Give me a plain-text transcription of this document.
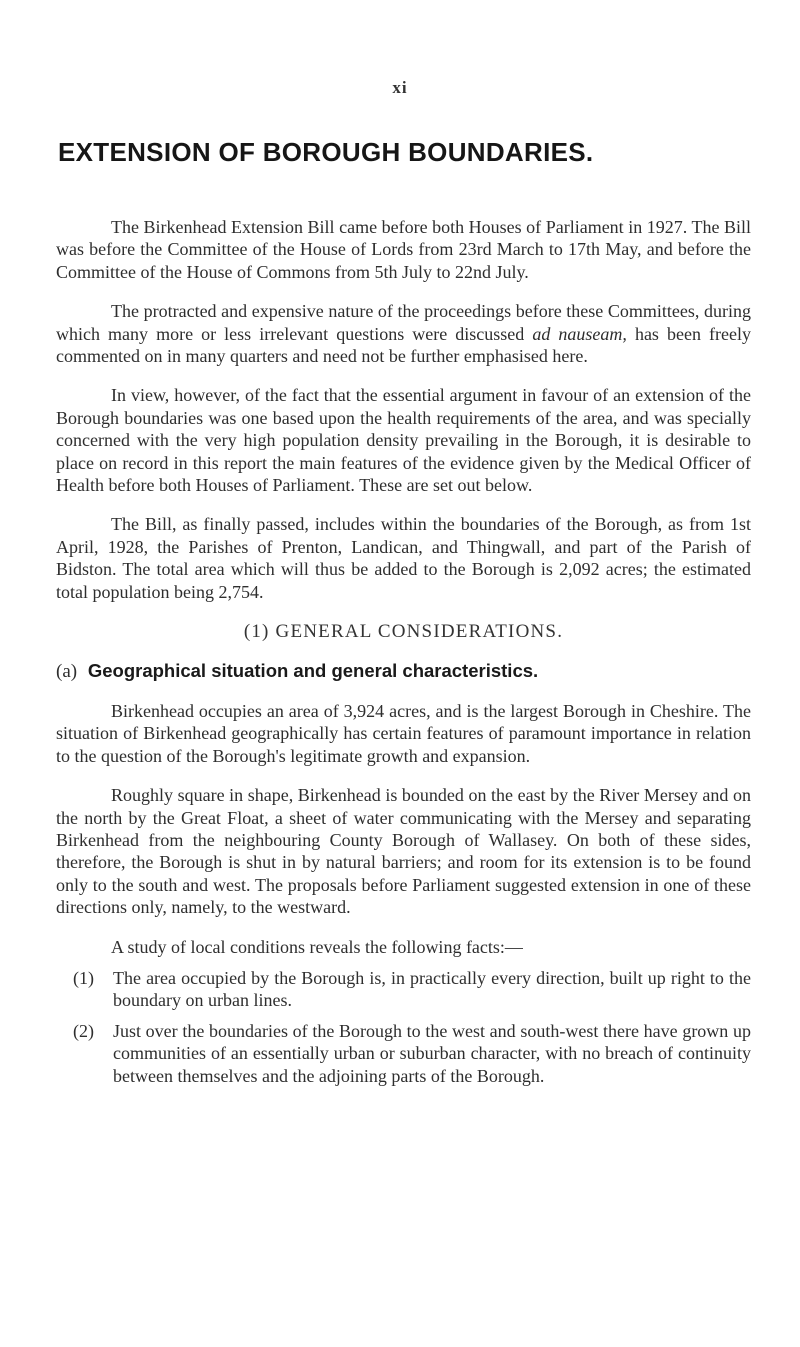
xi
EXTENSION OF BOROUGH BOUNDARIES.

The Birkenhead Extension Bill came before both Houses of Parliament in 1927. The Bill was before the Committee of the House of Lords from 23rd March to 17th May, and before the Committee of the House of Commons from 5th July to 22nd July.

The protracted and expensive nature of the proceedings before these Committees, during which many more or less irrelevant questions were discussed ad nauseam, has been freely commented on in many quarters and need not be further emphasised here.

In view, however, of the fact that the essential argument in favour of an extension of the Borough boundaries was one based upon the health requirements of the area, and was specially concerned with the very high population density prevailing in the Borough, it is desirable to place on record in this report the main features of the evidence given by the Medical Officer of Health before both Houses of Parliament. These are set out below.

The Bill, as finally passed, includes within the boundaries of the Borough, as from 1st April, 1928, the Parishes of Prenton, Landican, and Thingwall, and part of the Parish of Bidston. The total area which will thus be added to the Borough is 2,092 acres; the estimated total population being 2,754.

(1) GENERAL CONSIDERATIONS.
(a) Geographical situation and general characteristics.

Birkenhead occupies an area of 3,924 acres, and is the largest Borough in Cheshire. The situation of Birkenhead geographically has certain features of paramount importance in relation to the question of the Borough's legitimate growth and expansion.

Roughly square in shape, Birkenhead is bounded on the east by the River Mersey and on the north by the Great Float, a sheet of water communicating with the Mersey and separating Birkenhead from the neighbouring County Borough of Wallasey. On both of these sides, therefore, the Borough is shut in by natural barriers; and room for its extension is to be found only to the south and west. The proposals before Parliament suggested extension in one of these directions only, namely, to the westward.

A study of local conditions reveals the following facts:—

(1) The area occupied by the Borough is, in practically every direction, built up right to the boundary on urban lines.
(2) Just over the boundaries of the Borough to the west and south-west there have grown up communities of an essentially urban or suburban character, with no breach of continuity between themselves and the adjoining parts of the Borough.
